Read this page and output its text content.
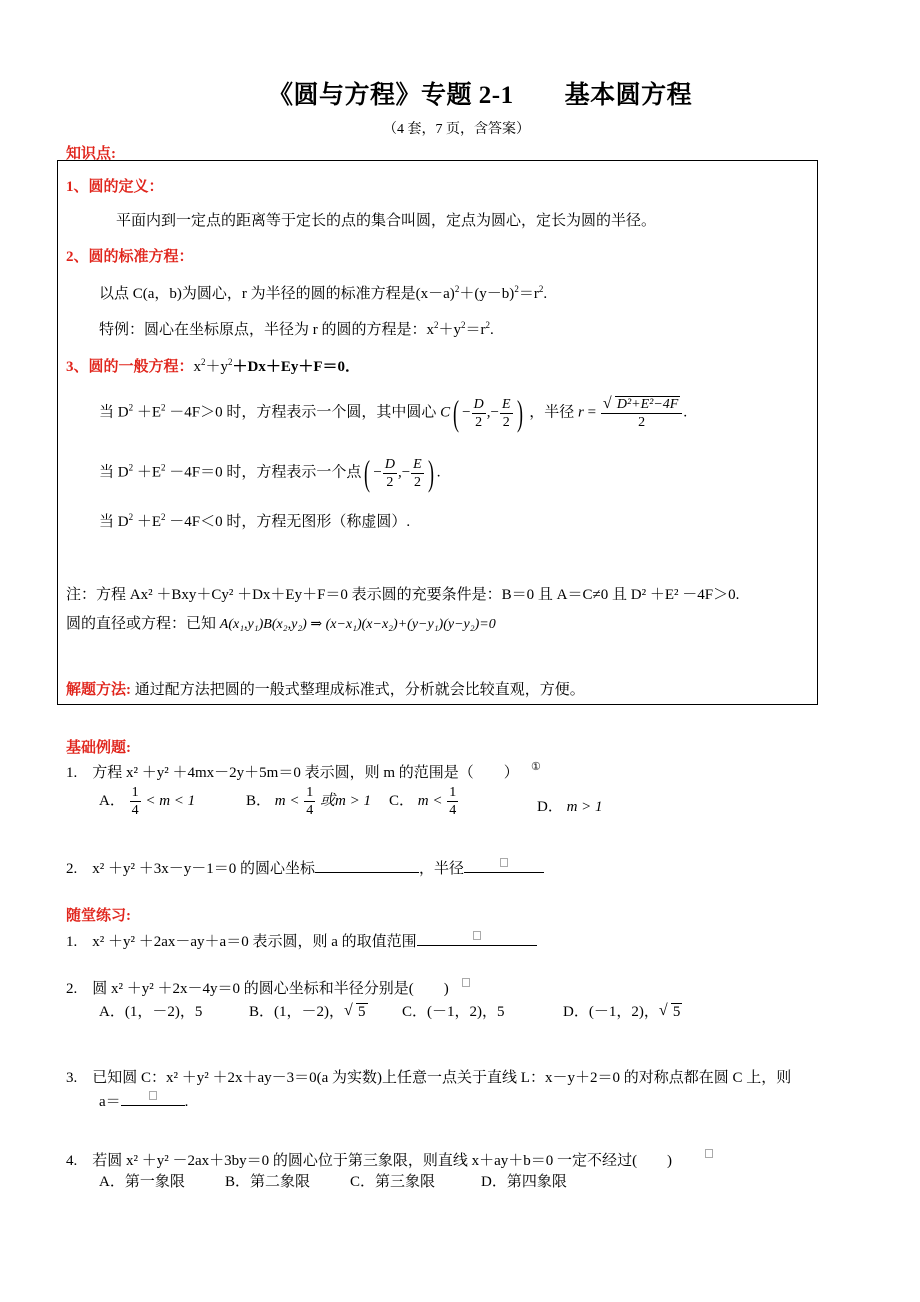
《圆与方程》专题 2-1　　基本圆方程
（4 套，7 页，含答案）
知识点:
1、圆的定义：
平面内到一定点的距离等于定长的点的集合叫圆，定点为圆心，定长为圆的半径。
2、圆的标准方程：
以点 C(a，b)为圆心，r 为半径的圆的标准方程是$(x-a)^2+(y-b)^2=r^2$.
特例：圆心在坐标原点，半径为 r 的圆的方程是：$x^2+y^2=r^2$.
3、圆的一般方程：$x^2+y^2+Dx+Ey+F=0$．
当 $D^2 +E^2 -4F>0$ 时，方程表示一个圆，其中圆心 $C( - \frac{D}{2}$ ,− $\frac{E}{2}$ ) ，半径 $r = \frac{\text{√ D²+E²−4F}}{2}$ .
当 $D^2 +E^2 -4F=0$ 时，方程表示一个点( − $\frac{D}{2}$ ,− $\frac{E}{2}$ ) .
当 $D^2 +E^2 -4F<0$ 时，方程无图形（称虚圆）.
注：方程 Ax² ＋Bxy＋Cy² ＋Dx＋Ey＋F＝0 表示圆的充要条件是：B＝0 且 A＝C≠0 且 D² ＋E² －4F＞0.
圆的直径或方程：已知 A(x₁,y₁)B(x₂,y₂) ⇒ (x−x₁)(x−x₂)+(y−y₁)(y−y₂)=0
解题方法: 通过配方法把圆的一般式整理成标准式，分析就会比较直观，方便。
基础例题:
1.　方程 x² ＋y² ＋4mx－2y＋5m＝0 表示圆，则 m 的范围是（　　） ①
A． $\frac{1}{4} < m < 1$	B． $m < \frac{1}{4}$ 或m > 1 C． $m < \frac{1}{4}$	D． m > 1
2.　x² ＋y² ＋3x－y－1＝0 的圆心坐标	，半径
随堂练习:
1.　x² ＋y² ＋2ax－ay＋a＝0 表示圆，则 a 的取值范围
2.　圆 x² ＋y² ＋2x－4y＝0 的圆心坐标和半径分别是(　　)
A．(1，－2)，5	B．(1，－2)， √ 5 C．(－1，2)，5	D．(－1，2)， √ 5
3.　已知圆 C：x² ＋y² ＋2x＋ay－3＝0(a 为实数)上任意一点关于直线 L：x－y＋2＝0 的对称点都在圆 C 上，则
a＝	.
4.　若圆 x² ＋y² －2ax＋3by＝0 的圆心位于第三象限，则直线 x＋ay＋b＝0 一定不经过(　　)
A．第一象限	B．第二象限	C．第三象限	D．第四象限
